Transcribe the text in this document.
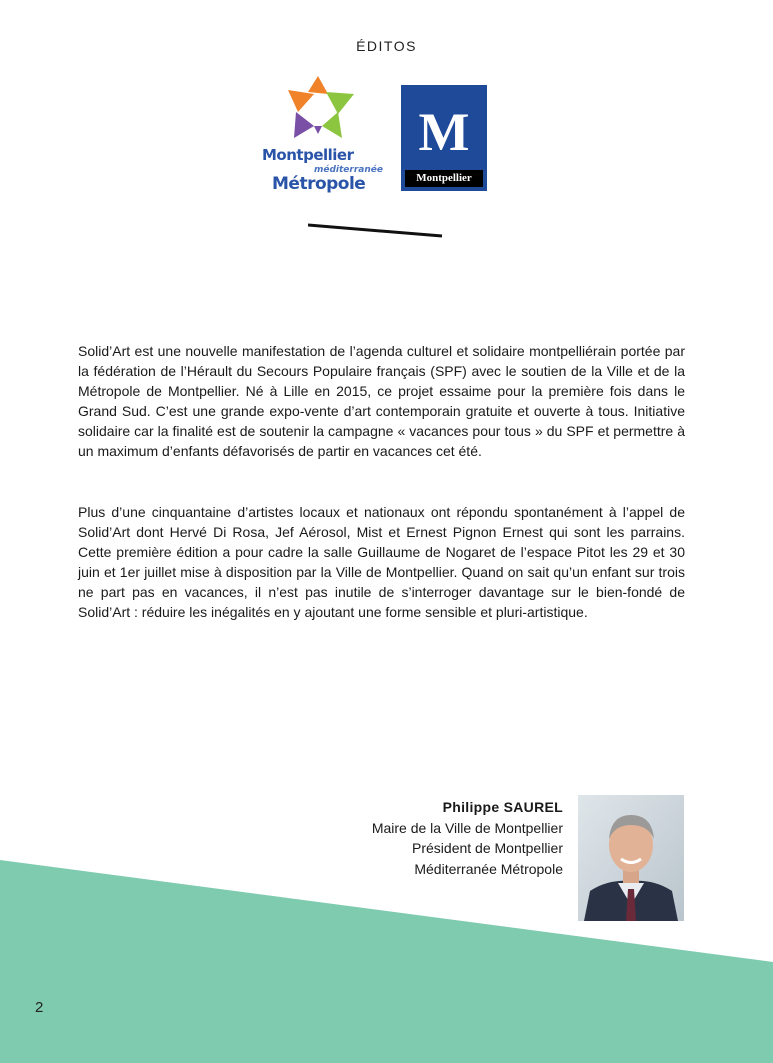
ÉDITOS
Montpellier
méditerranée
Métropole
M
Montpellier

Solid’Art est une nouvelle manifestation de l’agenda culturel et solidaire montpelliérain portée par la fédération de l’Hérault du Secours Populaire français (SPF) avec le soutien de la Ville et de la Métropole de Montpellier. Né à Lille en 2015, ce projet essaime pour la première fois dans le Grand Sud. C’est une grande expo-vente d’art contemporain gratuite et ouverte à tous. Initiative solidaire car la finalité est de soutenir la campagne « vacances pour tous » du SPF et permettre à un maximum d’enfants défavorisés de partir en vacances cet été.

Plus d’une cinquantaine d’artistes locaux et nationaux ont répondu spontanément à l’appel de Solid’Art dont Hervé Di Rosa, Jef Aérosol, Mist et Ernest Pignon Ernest qui sont les parrains. Cette première édition a pour cadre la salle Guillaume de Nogaret de l’espace Pitot les 29 et 30 juin et 1er juillet mise à disposition par la Ville de Montpellier. Quand on sait qu’un enfant sur trois ne part pas en vacances, il n’est pas inutile de s’interroger davantage sur le bien-fondé de Solid’Art : réduire les inégalités en y ajoutant une forme sensible et pluri-artistique.

Philippe SAUREL
Maire de la Ville de Montpellier
Président de Montpellier
Méditerranée Métropole
2
